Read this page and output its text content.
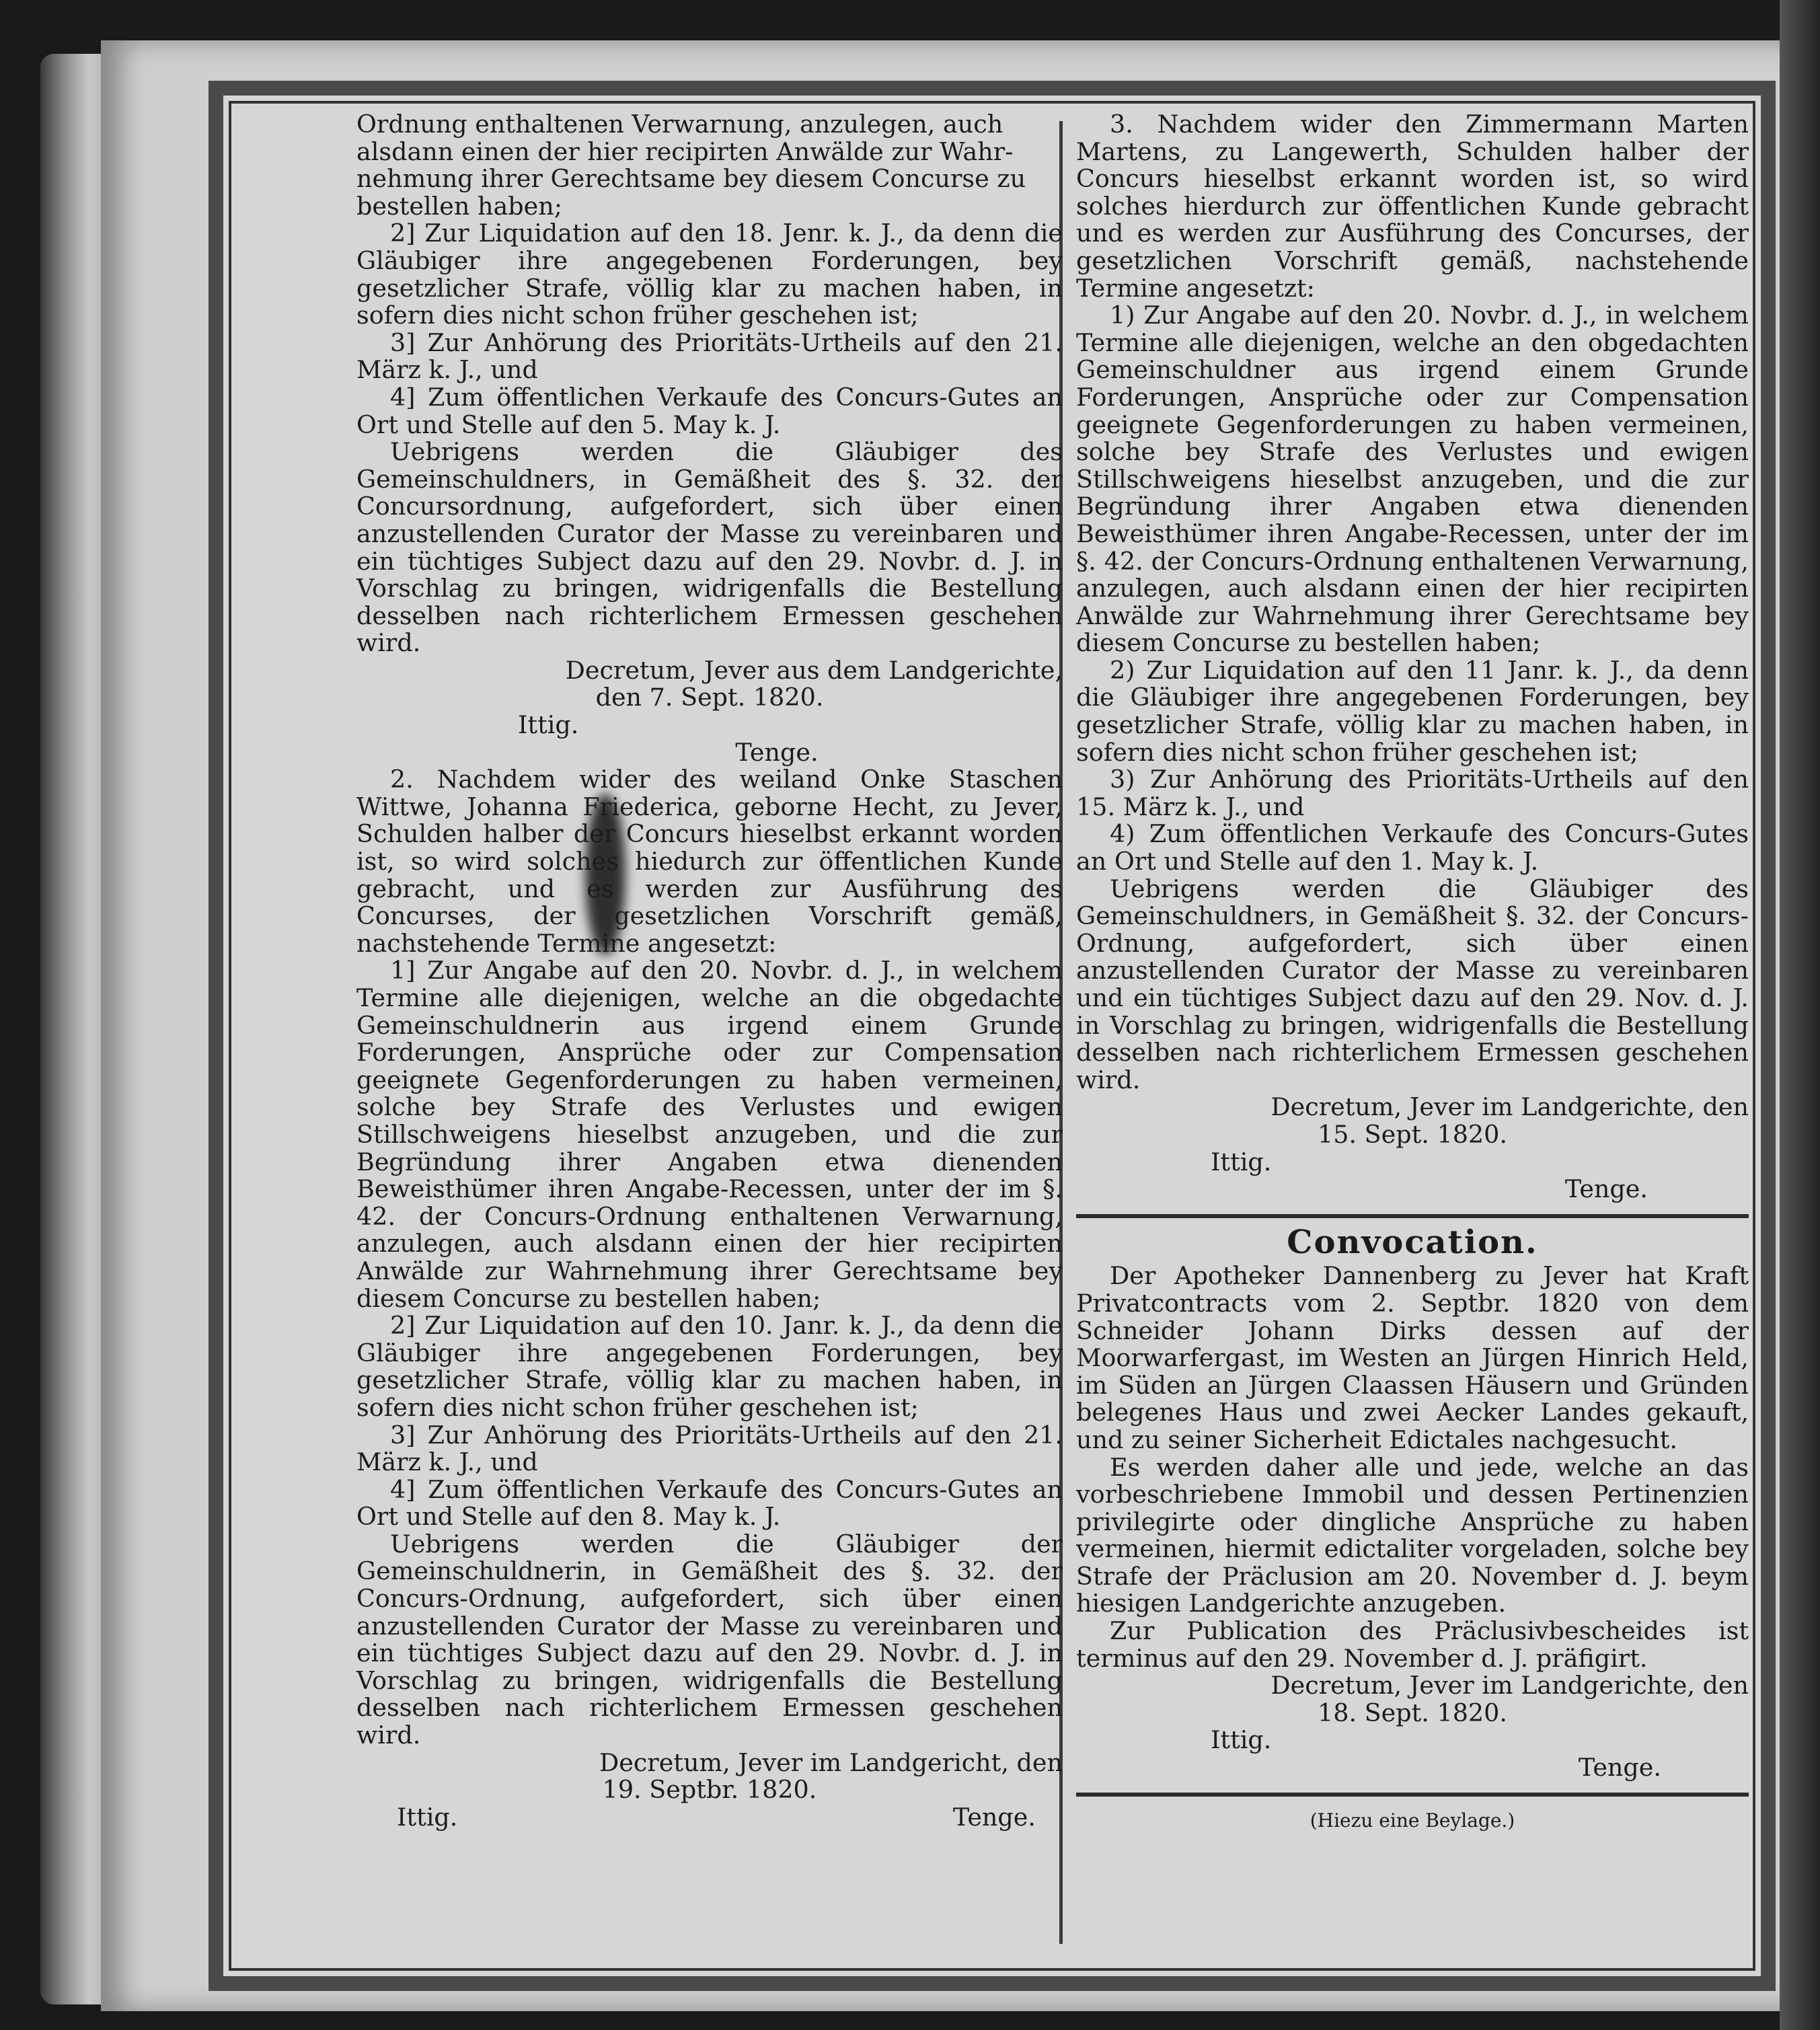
Ordnung enthaltenen Verwarnung, anzulegen, auch
alsdann einen der hier recipirten Anwälde zur Wahr-
nehmung ihrer Gerechtsame bey diesem Concurse zu
bestellen haben;

2] Zur Liquidation auf den 18. Jenr. k. J., da denn die Gläubiger ihre angegebenen Forderungen, bey gesetzlicher Strafe, völlig klar zu machen haben, in sofern dies nicht schon früher geschehen ist;

3] Zur Anhörung des Prioritäts-Urtheils auf den 21. März k. J., und

4] Zum öffentlichen Verkaufe des Concurs-Gutes an Ort und Stelle auf den 5. May k. J.

Uebrigens werden die Gläubiger des Gemeinschuldners, in Gemäßheit des §. 32. der Concursordnung, aufgefordert, sich über einen anzustellenden Curator der Masse zu vereinbaren und ein tüchtiges Subject dazu auf den 29. Novbr. d. J. in Vorschlag zu bringen, widrigenfalls die Bestellung desselben nach richterlichem Ermessen geschehen wird.

Decretum, Jever aus dem Landgerichte,
den 7. Sept. 1820.
Ittig.
Tenge.

2. Nachdem wider des weiland Onke Staschen Wittwe, Johanna Friederica, geborne Hecht, zu Jever, Schulden halber der Concurs hieselbst erkannt worden ist, so wird solches hiedurch zur öffentlichen Kunde gebracht, und es werden zur Ausführung des Concurses, der gesetzlichen Vorschrift gemäß, nachstehende Termine angesetzt:

1] Zur Angabe auf den 20. Novbr. d. J., in welchem Termine alle diejenigen, welche an die obgedachte Gemeinschuldnerin aus irgend einem Grunde Forderungen, Ansprüche oder zur Compensation geeignete Gegenforderungen zu haben vermeinen, solche bey Strafe des Verlustes und ewigen Stillschweigens hieselbst anzugeben, und die zur Begründung ihrer Angaben etwa dienenden Beweisthümer ihren Angabe-Recessen, unter der im §. 42. der Concurs-Ordnung enthaltenen Verwarnung, anzulegen, auch alsdann einen der hier recipirten Anwälde zur Wahrnehmung ihrer Gerechtsame bey diesem Concurse zu bestellen haben;

2] Zur Liquidation auf den 10. Janr. k. J., da denn die Gläubiger ihre angegebenen Forderungen, bey gesetzlicher Strafe, völlig klar zu machen haben, in sofern dies nicht schon früher geschehen ist;

3] Zur Anhörung des Prioritäts-Urtheils auf den 21. März k. J., und

4] Zum öffentlichen Verkaufe des Concurs-Gutes an Ort und Stelle auf den 8. May k. J.

Uebrigens werden die Gläubiger der Gemeinschuldnerin, in Gemäßheit des §. 32. der Concurs-Ordnung, aufgefordert, sich über einen anzustellenden Curator der Masse zu vereinbaren und ein tüchtiges Subject dazu auf den 29. Novbr. d. J. in Vorschlag zu bringen, widrigenfalls die Bestellung desselben nach richterlichem Ermessen geschehen wird.

Decretum, Jever im Landgericht, den
19. Septbr. 1820.
Ittig.	Tenge.

3. Nachdem wider den Zimmermann Marten Martens, zu Langewerth, Schulden halber der Concurs hieselbst erkannt worden ist, so wird solches hierdurch zur öffentlichen Kunde gebracht und es werden zur Ausführung des Concurses, der gesetzlichen Vorschrift gemäß, nachstehende Termine angesetzt:

1) Zur Angabe auf den 20. Novbr. d. J., in welchem Termine alle diejenigen, welche an den obgedachten Gemeinschuldner aus irgend einem Grunde Forderungen, Ansprüche oder zur Compensation geeignete Gegenforderungen zu haben vermeinen, solche bey Strafe des Verlustes und ewigen Stillschweigens hieselbst anzugeben, und die zur Begründung ihrer Angaben etwa dienenden Beweisthümer ihren Angabe-Recessen, unter der im §. 42. der Concurs-Ordnung enthaltenen Verwarnung, anzulegen, auch alsdann einen der hier recipirten Anwälde zur Wahrnehmung ihrer Gerechtsame bey diesem Concurse zu bestellen haben;

2) Zur Liquidation auf den 11 Janr. k. J., da denn die Gläubiger ihre angegebenen Forderungen, bey gesetzlicher Strafe, völlig klar zu machen haben, in sofern dies nicht schon früher geschehen ist;

3) Zur Anhörung des Prioritäts-Urtheils auf den 15. März k. J., und

4) Zum öffentlichen Verkaufe des Concurs-Gutes an Ort und Stelle auf den 1. May k. J.

Uebrigens werden die Gläubiger des Gemeinschuldners, in Gemäßheit §. 32. der Concurs-Ordnung, aufgefordert, sich über einen anzustellenden Curator der Masse zu vereinbaren und ein tüchtiges Subject dazu auf den 29. Nov. d. J. in Vorschlag zu bringen, widrigenfalls die Bestellung desselben nach richterlichem Ermessen geschehen wird.

Decretum, Jever im Landgerichte, den
15. Sept. 1820.
Ittig.
Tenge.
Convocation.

Der Apotheker Dannenberg zu Jever hat Kraft Privatcontracts vom 2. Septbr. 1820 von dem Schneider Johann Dirks dessen auf der Moorwarfergast, im Westen an Jürgen Hinrich Held, im Süden an Jürgen Claassen Häusern und Gründen belegenes Haus und zwei Aecker Landes gekauft, und zu seiner Sicherheit Edictales nachgesucht.

Es werden daher alle und jede, welche an das vorbeschriebene Immobil und dessen Pertinenzien privilegirte oder dingliche Ansprüche zu haben vermeinen, hiermit edictaliter vorgeladen, solche bey Strafe der Präclusion am 20. November d. J. beym hiesigen Landgerichte anzugeben.

Zur Publication des Präclusivbescheides ist terminus auf den 29. November d. J. präfigirt.

Decretum, Jever im Landgerichte, den
18. Sept. 1820.
Ittig.
Tenge.
(Hiezu eine Beylage.)
